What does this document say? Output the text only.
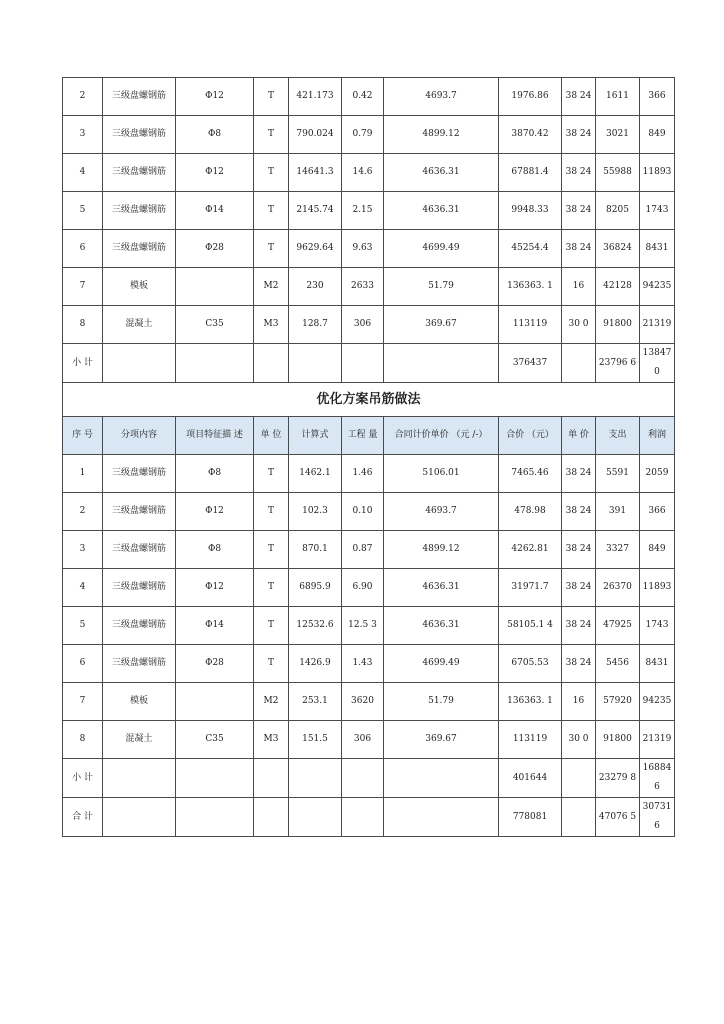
2	三级盘螺钢筋	Φ12	T	421.173	0.42	4693.7	1976.86	38 24	1611	366
3	三级盘螺钢筋	Φ8	T	790.024	0.79	4899.12	3870.42	38 24	3021	849
4	三级盘螺钢筋	Φ12	T	14641.3	14.6	4636.31	67881.4	38 24	55988	11893
5	三级盘螺钢筋	Φ14	T	2145.74	2.15	4636.31	9948.33	38 24	8205	1743
6	三级盘螺钢筋	Φ28	T	9629.64	9.63	4699.49	45254.4	38 24	36824	8431
7	模板		M2	230	2633	51.79	136363. 1	16	42128	94235
8	混凝土	C35	M3	128.7	306	369.67	113119	30 0	91800	21319
小 计							376437		23796 6	138470
优化方案吊筋做法										
序 号	分项内容	项目特征描 述	单 位	计算式	工程 量	合同计价单价 （元 /-）	合价 （元）	单 价	支出	利润
1	三级盘螺钢筋	Φ8	T	1462.1	1.46	5106.01	7465.46	38 24	5591	2059
2	三级盘螺钢筋	Φ12	T	102.3	0.10	4693.7	478.98	38 24	391	366
3	三级盘螺钢筋	Φ8	T	870.1	0.87	4899.12	4262.81	38 24	3327	849
4	三级盘螺钢筋	Φ12	T	6895.9	6.90	4636.31	31971.7	38 24	26370	11893
5	三级盘螺钢筋	Φ14	T	12532.6	12.5 3	4636.31	58105.1 4	38 24	47925	1743
6	三级盘螺钢筋	Φ28	T	1426.9	1.43	4699.49	6705.53	38 24	5456	8431
7	模板		M2	253.1	3620	51.79	136363. 1	16	57920	94235
8	混凝土	C35	M3	151.5	306	369.67	113119	30 0	91800	21319
小 计							401644		23279 8	168846
合 计							778081		47076 5	307316
